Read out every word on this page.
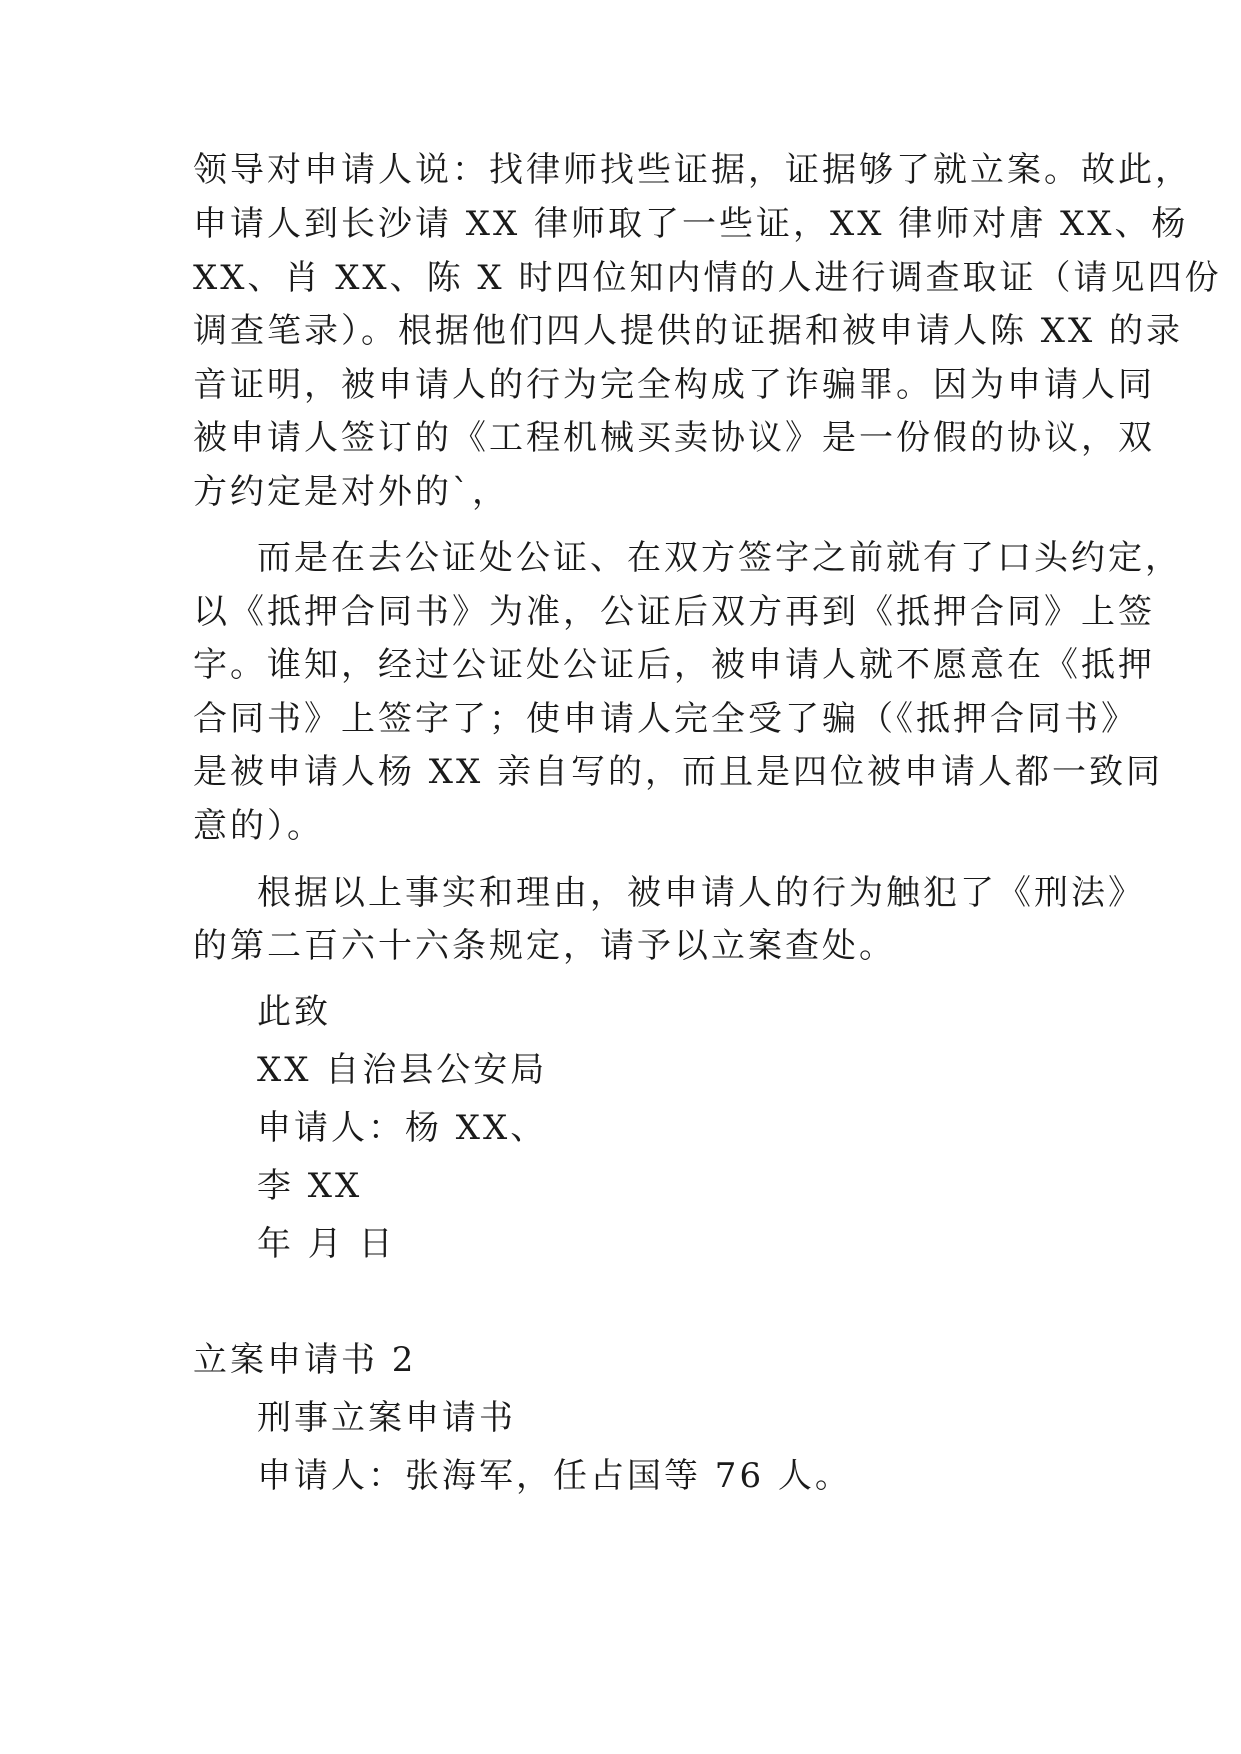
领导对申请人说：找律师找些证据，证据够了就立案。故此，

申请人到长沙请 XX 律师取了一些证，XX 律师对唐 XX、杨

XX、肖 XX、陈 X 时四位知内情的人进行调查取证（请见四份

调查笔录）。根据他们四人提供的证据和被申请人陈 XX 的录

音证明，被申请人的行为完全构成了诈骗罪。因为申请人同

被申请人签订的《工程机械买卖协议》是一份假的协议，双

方约定是对外的`，

而是在去公证处公证、在双方签字之前就有了口头约定，

以《抵押合同书》为准，公证后双方再到《抵押合同》上签

字。谁知，经过公证处公证后，被申请人就不愿意在《抵押

合同书》上签字了；使申请人完全受了骗（《抵押合同书》

是被申请人杨 XX 亲自写的，而且是四位被申请人都一致同

意的）。

根据以上事实和理由，被申请人的行为触犯了《刑法》

的第二百六十六条规定，请予以立案查处。

此致

XX 自治县公安局

申请人：杨 XX、

李 XX

年 月 日

立案申请书 2

刑事立案申请书

申请人：张海军，任占国等 76 人。
